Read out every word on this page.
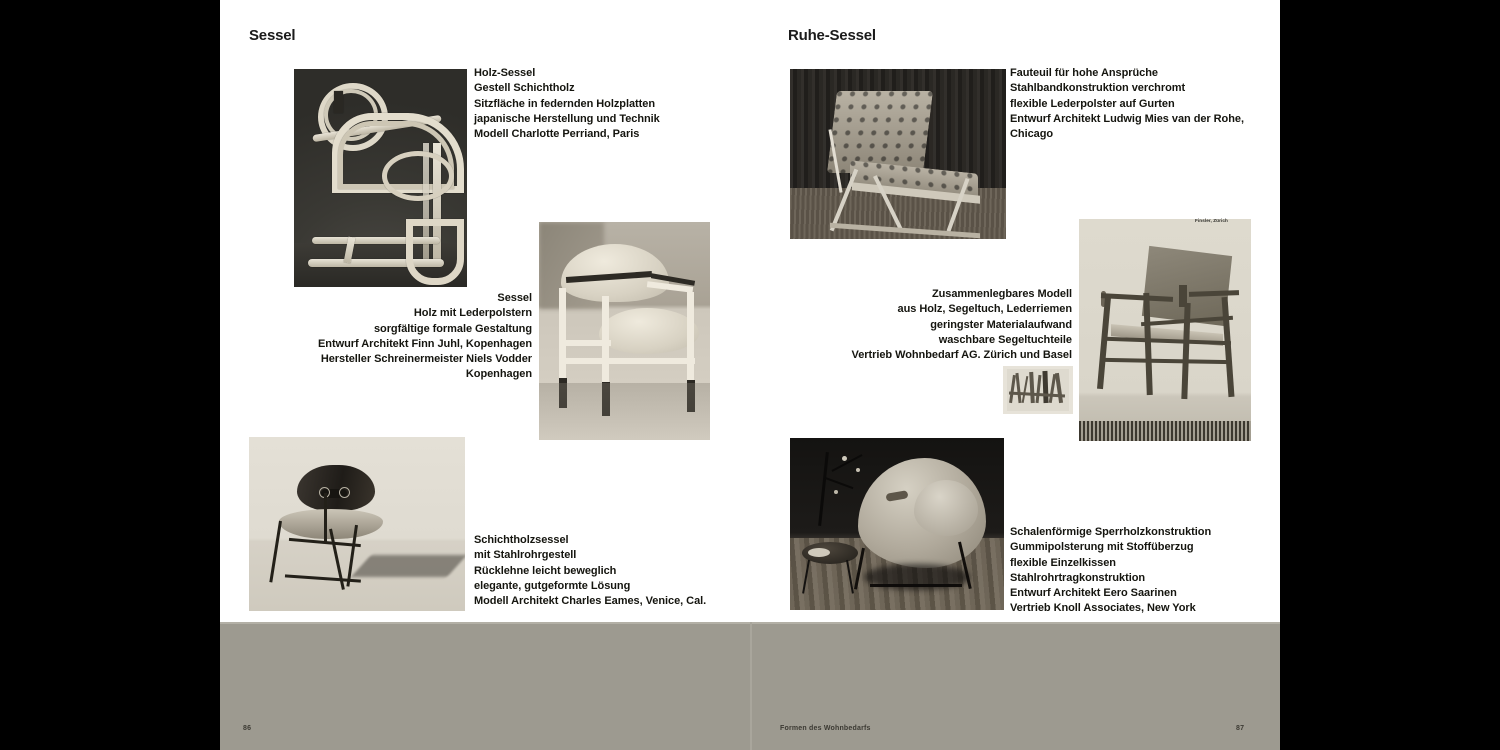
Sessel
Holz-Sessel
Gestell Schichtholz
Sitzfläche in federnden Holzplatten
japanische Herstellung und Technik
Modell Charlotte Perriand, Paris
Sessel
Holz mit Lederpolstern
sorgfältige formale Gestaltung
Entwurf Architekt Finn Juhl, Kopenhagen
Hersteller Schreinermeister Niels Vodder
Kopenhagen
Schichtholzsessel
mit Stahlrohrgestell
Rücklehne leicht beweglich
elegante, gutgeformte Lösung
Modell Architekt Charles Eames, Venice, Cal.
Ruhe-Sessel
Fauteuil für hohe Ansprüche
Stahlbandkonstruktion verchromt
flexible Lederpolster auf Gurten
Entwurf Architekt Ludwig Mies van der Rohe,
Chicago
Finsler, Zürich
Zusammenlegbares Modell
aus Holz, Segeltuch, Lederriemen
geringster Materialaufwand
waschbare Segeltuchteile
Vertrieb Wohnbedarf AG. Zürich und Basel
Schalenförmige Sperrholzkonstruktion
Gummipolsterung mit Stoffüberzug
flexible Einzelkissen
Stahlrohrtragkonstruktion
Entwurf Architekt Eero Saarinen
Vertrieb Knoll Associates, New York
86	Formen des Wohnbedarfs	87
